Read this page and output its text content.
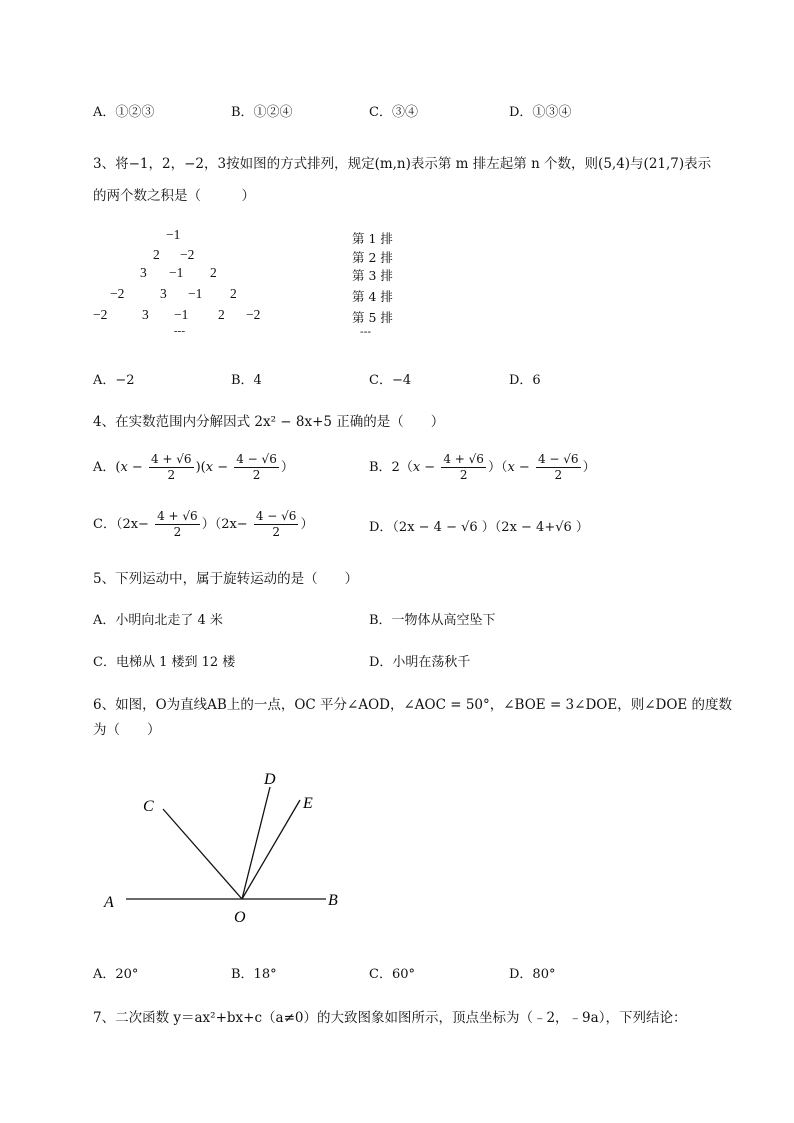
A．①②③	B．①②④	C．③④	D．①③④
3、将−1，2，−2，3按如图的方式排列，规定(m,n)表示第 m 排左起第 n 个数，则(5,4)与(21,7)表示
的两个数之积是（　　　）
−1
2 −2
3 −1 2
−2	3 −1 2
−2	3 −1 2 −2
---
第 1 排
第 2 排
第 3 排
第 4 排
第 5 排
---
A．−2	B．4	C．−4	D．6
4、在实数范围内分解因式 2x² − 8x+5 正确的是（　　）
A．$(x - \frac{4 + √6}{2} )(x - \frac{4 - √6}{2}$ ）	B．$2(x - \frac{4 + √6}{2} )(x - \frac{4 - √6}{2}$ ）
C．$(2x- \frac{4 + √6}{2} )(2x- \frac{4 - √6}{2}$ ）	D．（2x − 4 − √6 ）（2x − 4+√6 ）
5、下列运动中，属于旋转运动的是（　　）
A．小明向北走了 4 米	B．一物体从高空坠下
C．电梯从 1 楼到 12 楼	D．小明在荡秋千
6、如图，O为直线AB上的一点，OC 平分∠AOD，∠AOC = 50°，∠BOE = 3∠DOE，则∠DOE 的度数
为（　　）
A	B
C
D
E
O
A．20°	B．18°	C．60°	D．80°
7、二次函数 y＝ax²+bx+c（a≠0）的大致图象如图所示，顶点坐标为（﹣2，﹣9a），下列结论：
